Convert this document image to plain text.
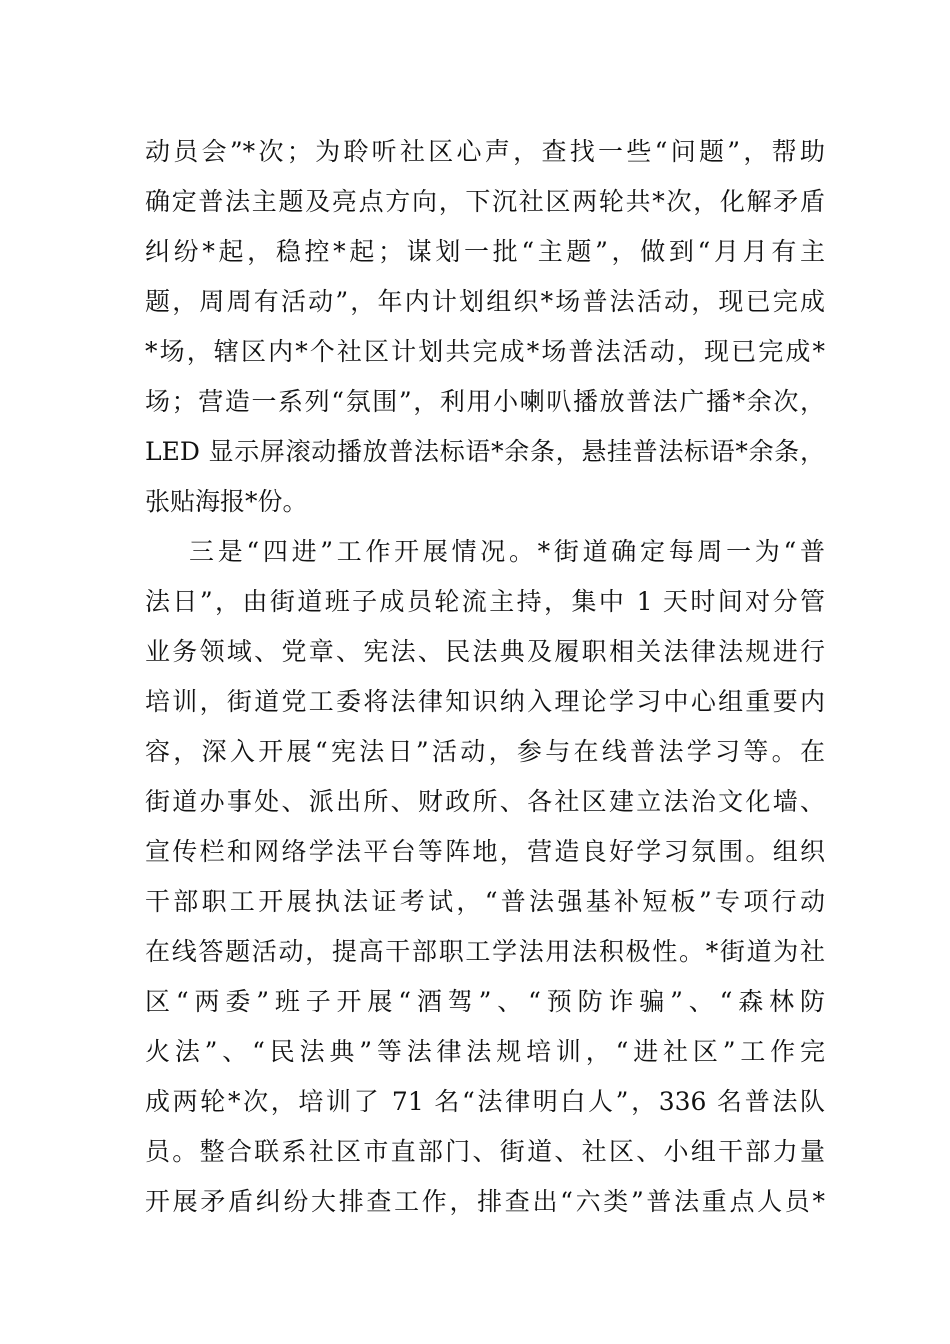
动员会”*次；为聆听社区心声，查找一些“问题”，帮助
确定普法主题及亮点方向，下沉社区两轮共*次，化解矛盾
纠纷*起，稳控*起；谋划一批“主题”，做到“月月有主
题，周周有活动”，年内计划组织*场普法活动，现已完成
*场，辖区内*个社区计划共完成*场普法活动，现已完成*
场；营造一系列“氛围”，利用小喇叭播放普法广播*余次，
LED 显示屏滚动播放普法标语*余条，悬挂普法标语*余条，
张贴海报*份。
三是“四进”工作开展情况。*街道确定每周一为“普
法日”，由街道班子成员轮流主持，集中 1 天时间对分管
业务领域、党章、宪法、民法典及履职相关法律法规进行
培训，街道党工委将法律知识纳入理论学习中心组重要内
容，深入开展“宪法日”活动，参与在线普法学习等。在
街道办事处、派出所、财政所、各社区建立法治文化墙、
宣传栏和网络学法平台等阵地，营造良好学习氛围。组织
干部职工开展执法证考试，“普法强基补短板”专项行动
在线答题活动，提高干部职工学法用法积极性。*街道为社
区“两委”班子开展“酒驾”、“预防诈骗”、“森林防
火法”、“民法典”等法律法规培训，“进社区”工作完
成两轮*次，培训了 71 名“法律明白人”，336 名普法队
员。整合联系社区市直部门、街道、社区、小组干部力量
开展矛盾纠纷大排查工作，排查出“六类”普法重点人员*
